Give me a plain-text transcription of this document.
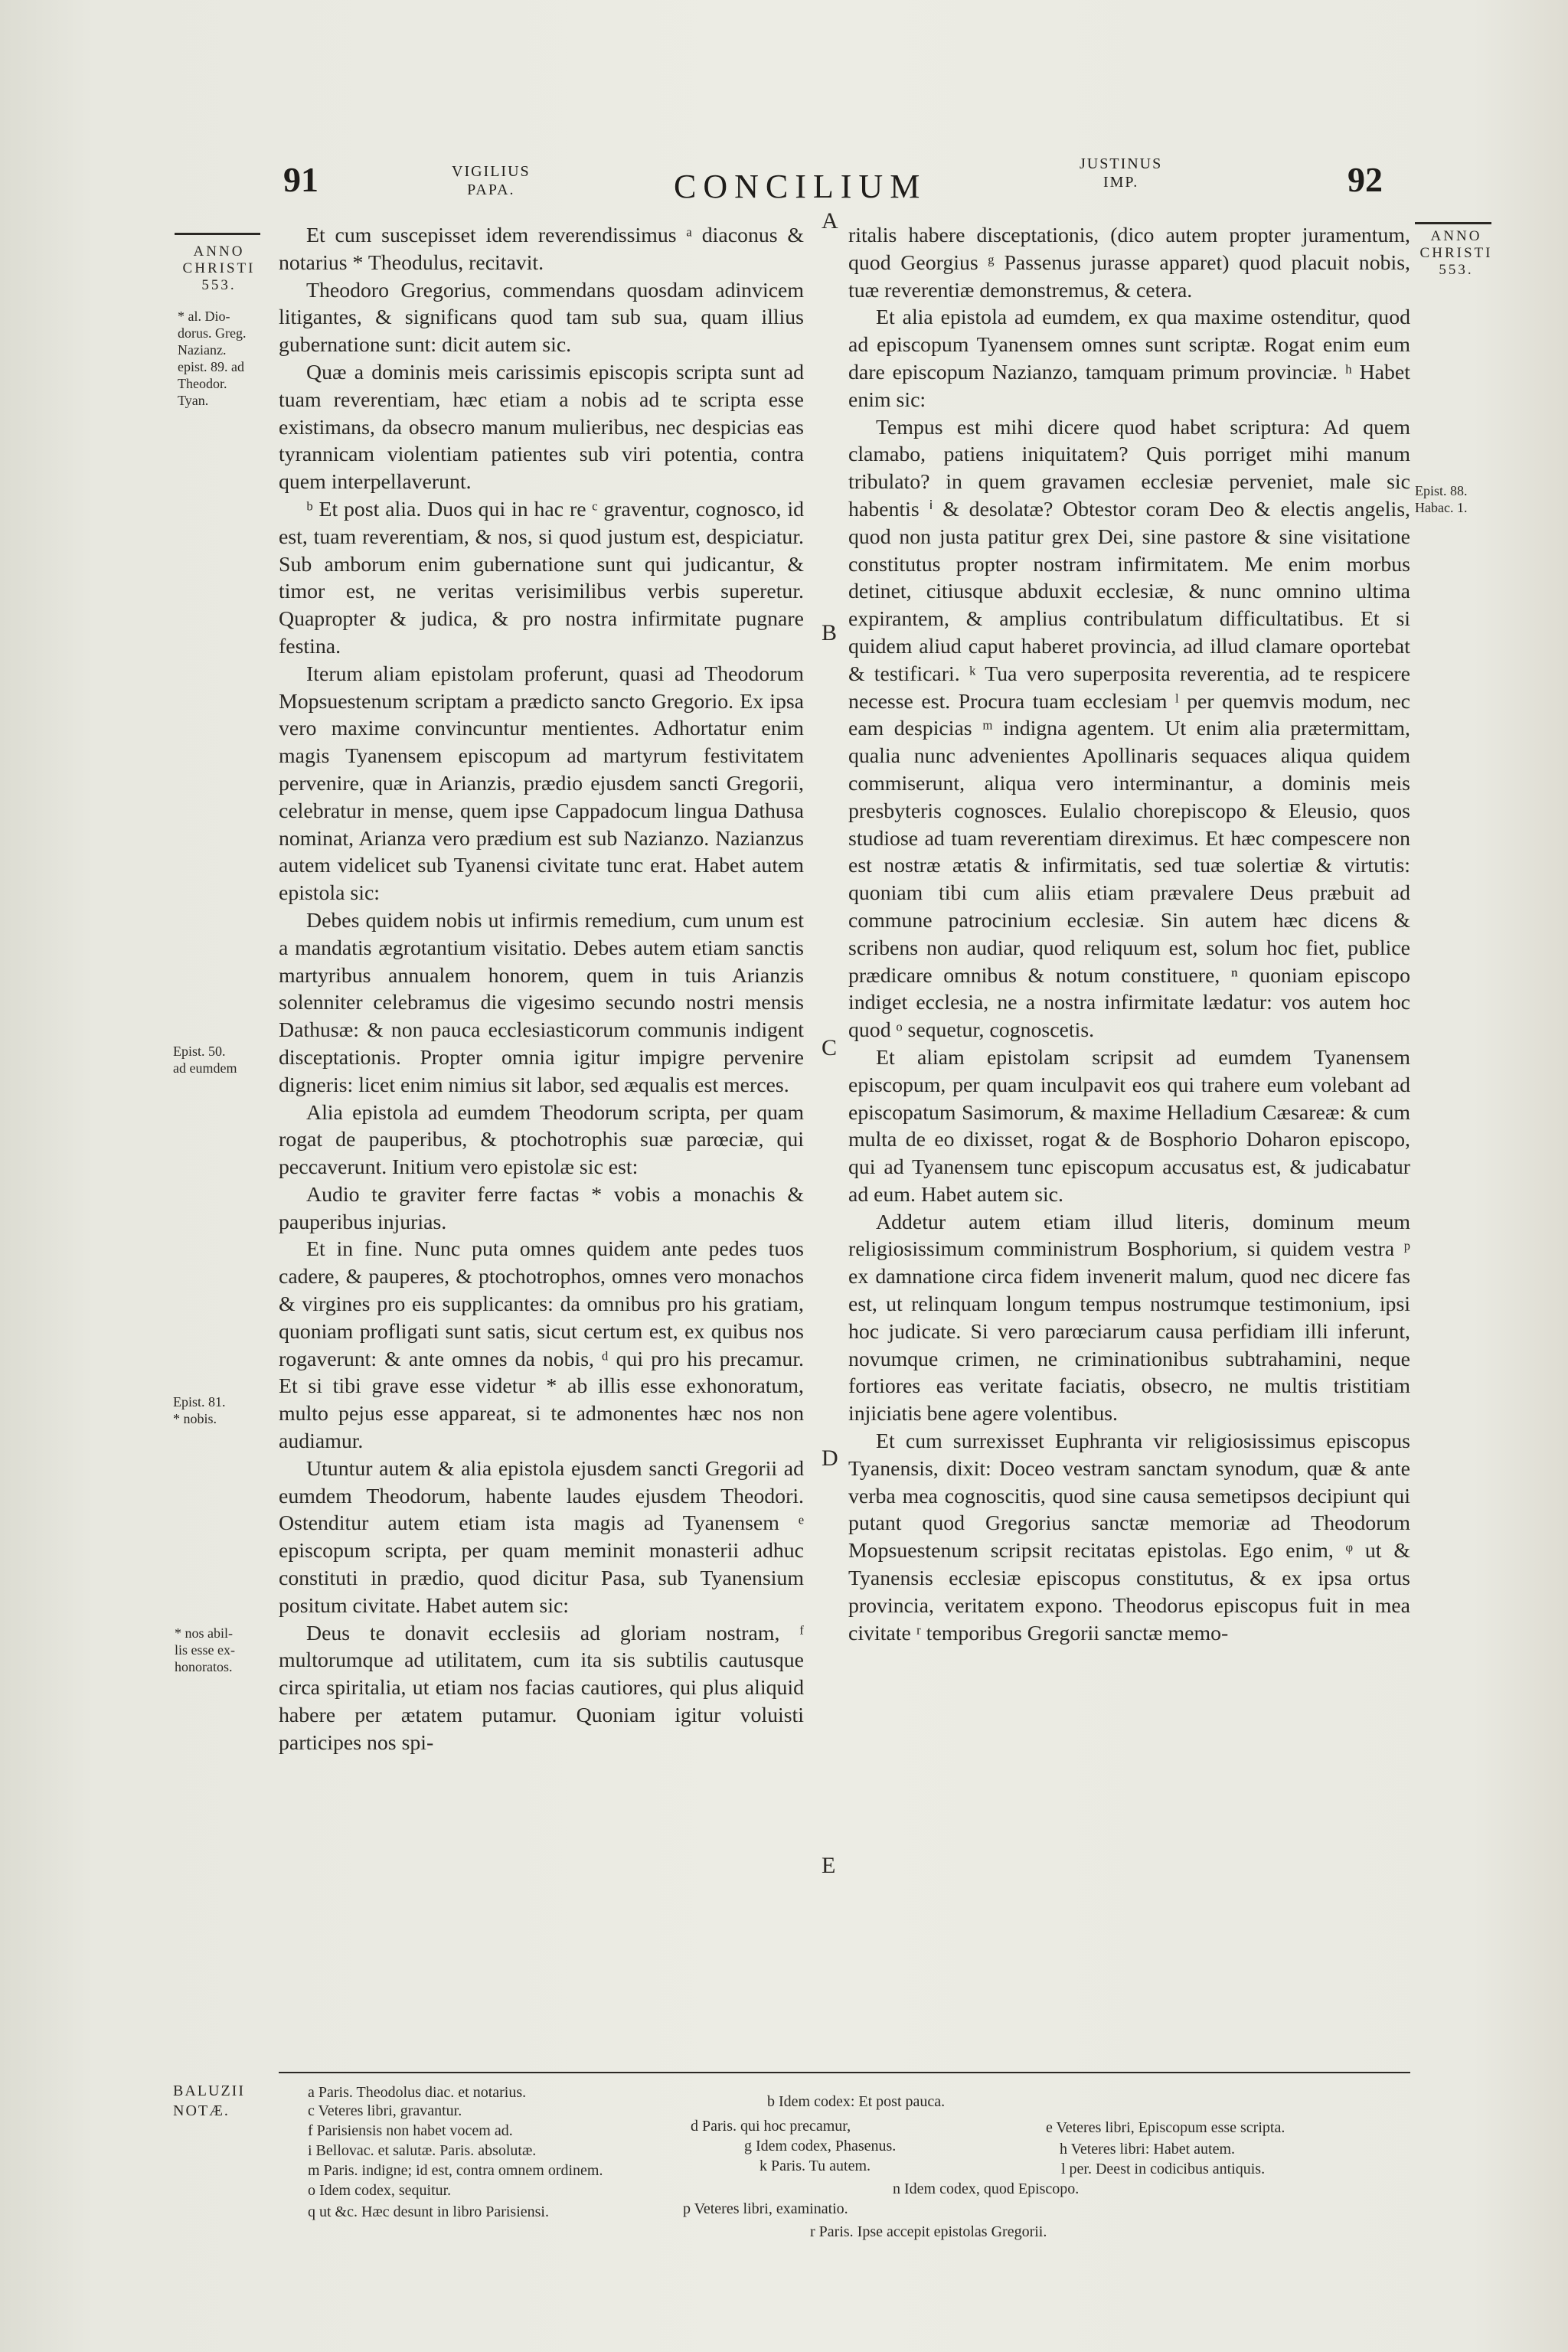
91	VIGILIUS
PAPA.	CONCILIUM
JUSTINUS
IMP.	92
ANNO
CHRISTI
553.
* al. Dio-
dorus. Greg.
Nazianz.
epist. 89. ad
Theodor.
Tyan.
Epist. 50.
ad eumdem
Epist. 81.
* nobis.
* nos abil-
lis esse ex-
honoratos.
ANNO
CHRISTI
553.
Epist. 88.
Habac. 1.
A
B
C
D
E

Et cum suscepisset idem reverendissimus ᵃ diaconus & notarius * Theodulus, recitavit.

Theodoro Gregorius, commendans quosdam adinvicem litigantes, & significans quod tam sub sua, quam illius gubernatione sunt: dicit autem sic.

Quæ a dominis meis carissimis episcopis scripta sunt ad tuam reverentiam, hæc etiam a nobis ad te scripta esse existimans, da obsecro manum mulieribus, nec despicias eas tyrannicam violentiam patientes sub viri potentia, contra quem interpellaverunt.

ᵇ Et post alia. Duos qui in hac re ᶜ graventur, cognosco, id est, tuam reverentiam, & nos, si quod justum est, despiciatur. Sub amborum enim gubernatione sunt qui judicantur, & timor est, ne veritas verisimilibus verbis superetur. Quapropter & judica, & pro nostra infirmitate pugnare festina.

Iterum aliam epistolam proferunt, quasi ad Theodorum Mopsuestenum scriptam a prædicto sancto Gregorio. Ex ipsa vero maxime convincuntur mentientes. Adhortatur enim magis Tyanensem episcopum ad martyrum festivitatem pervenire, quæ in Arianzis, prædio ejusdem sancti Gregorii, celebratur in mense, quem ipse Cappadocum lingua Dathusa nominat, Arianza vero prædium est sub Nazianzo. Nazianzus autem videlicet sub Tyanensi civitate tunc erat. Habet autem epistola sic:

Debes quidem nobis ut infirmis remedium, cum unum est a mandatis ægrotantium visitatio. Debes autem etiam sanctis martyribus annualem honorem, quem in tuis Arianzis solenniter celebramus die vigesimo secundo nostri mensis Dathusæ: & non pauca ecclesiasticorum communis indigent disceptationis. Propter omnia igitur impigre pervenire digneris: licet enim nimius sit labor, sed æqualis est merces.

Alia epistola ad eumdem Theodorum scripta, per quam rogat de pauperibus, & ptochotrophis suæ parœciæ, qui peccaverunt. Initium vero epistolæ sic est:

Audio te graviter ferre factas * vobis a monachis & pauperibus injurias.

Et in fine. Nunc puta omnes quidem ante pedes tuos cadere, & pauperes, & ptochotrophos, omnes vero monachos & virgines pro eis supplicantes: da omnibus pro his gratiam, quoniam profligati sunt satis, sicut certum est, ex quibus nos rogaverunt: & ante omnes da nobis, ᵈ qui pro his precamur. Et si tibi grave esse videtur * ab illis esse exhonoratum, multo pejus esse appareat, si te admonentes hæc nos non audiamur.

Utuntur autem & alia epistola ejusdem sancti Gregorii ad eumdem Theodorum, habente laudes ejusdem Theodori. Ostenditur autem etiam ista magis ad Tyanensem ᵉ episcopum scripta, per quam meminit monasterii adhuc constituti in prædio, quod dicitur Pasa, sub Tyanensium positum civitate. Habet autem sic:

Deus te donavit ecclesiis ad gloriam nostram, ᶠ multorumque ad utilitatem, cum ita sis subtilis cautusque circa spiritalia, ut etiam nos facias cautiores, qui plus aliquid habere per ætatem putamur. Quoniam igitur voluisti participes nos spi-

ritalis habere disceptationis, (dico autem propter juramentum, quod Georgius ᵍ Passenus jurasse apparet) quod placuit nobis, tuæ reverentiæ demonstremus, & cetera.

Et alia epistola ad eumdem, ex qua maxime ostenditur, quod ad episcopum Tyanensem omnes sunt scriptæ. Rogat enim eum dare episcopum Nazianzo, tamquam primum provinciæ. ʰ Habet enim sic:

Tempus est mihi dicere quod habet scriptura: Ad quem clamabo, patiens iniquitatem? Quis porriget mihi manum tribulato? in quem gravamen ecclesiæ perveniet, male sic habentis ⁱ & desolatæ? Obtestor coram Deo & electis angelis, quod non justa patitur grex Dei, sine pastore & sine visitatione constitutus propter nostram infirmitatem. Me enim morbus detinet, citiusque abduxit ecclesiæ, & nunc omnino ultima expirantem, & amplius contribulatum difficultatibus. Et si quidem aliud caput haberet provincia, ad illud clamare oportebat & testificari. ᵏ Tua vero superposita reverentia, ad te respicere necesse est. Procura tuam ecclesiam ˡ per quemvis modum, nec eam despicias ᵐ indigna agentem. Ut enim alia prætermittam, qualia nunc advenientes Apollinaris sequaces aliqua quidem commiserunt, aliqua vero interminantur, a dominis meis presbyteris cognosces. Eulalio chorepiscopo & Eleusio, quos studiose ad tuam reverentiam direximus. Et hæc compescere non est nostræ ætatis & infirmitatis, sed tuæ solertiæ & virtutis: quoniam tibi cum aliis etiam prævalere Deus præbuit ad commune patrocinium ecclesiæ. Sin autem hæc dicens & scribens non audiar, quod reliquum est, solum hoc fiet, publice prædicare omnibus & notum constituere, ⁿ quoniam episcopo indiget ecclesia, ne a nostra infirmitate lædatur: vos autem hoc quod ᵒ sequetur, cognoscetis.

Et aliam epistolam scripsit ad eumdem Tyanensem episcopum, per quam inculpavit eos qui trahere eum volebant ad episcopatum Sasimorum, & maxime Helladium Cæsareæ: & cum multa de eo dixisset, rogat & de Bosphorio Doharon episcopo, qui ad Tyanensem tunc episcopum accusatus est, & judicabatur ad eum. Habet autem sic.

Addetur autem etiam illud literis, dominum meum religiosissimum comministrum Bosphorium, si quidem vestra ᵖ ex damnatione circa fidem invenerit malum, quod nec dicere fas est, ut relinquam longum tempus nostrumque testimonium, ipsi hoc judicate. Si vero parœciarum causa perfidiam illi inferunt, novumque crimen, ne criminationibus subtrahamini, neque fortiores eas veritate faciatis, obsecro, ne multis tristitiam injiciatis bene agere volentibus.

Et cum surrexisset Euphranta vir religiosissimus episcopus Tyanensis, dixit: Doceo vestram sanctam synodum, quæ & ante verba mea cognoscitis, quod sine causa semetipsos decipiunt qui putant quod Gregorius sanctæ memoriæ ad Theodorum Mopsuestenum scripsit recitatas epistolas. Ego enim, ᵠ ut & Tyanensis ecclesiæ episcopus constitutus, & ex ipsa ortus provincia, veritatem expono. Theodorus episcopus fuit in mea civitate ʳ temporibus Gregorii sanctæ memo-

BALUZII
NOTÆ.
a Paris. Theodolus diac. et notarius.
b Idem codex: Et post pauca.
c Veteres libri, gravantur.
d Paris. qui hoc precamur,	e Veteres libri, Episcopum esse scripta.
f Parisiensis non habet vocem ad.
g Idem codex, Phasenus.	h Veteres libri: Habet autem.
i Bellovac. et salutæ. Paris. absolutæ.
k Paris. Tu autem.	l per. Deest in codicibus antiquis.
m Paris. indigne; id est, contra omnem ordinem.
n Idem codex, quod Episcopo.
o Idem codex, sequitur.
p Veteres libri, examinatio.
q ut &c. Hæc desunt in libro Parisiensi.
r Paris. Ipse accepit epistolas Gregorii.
